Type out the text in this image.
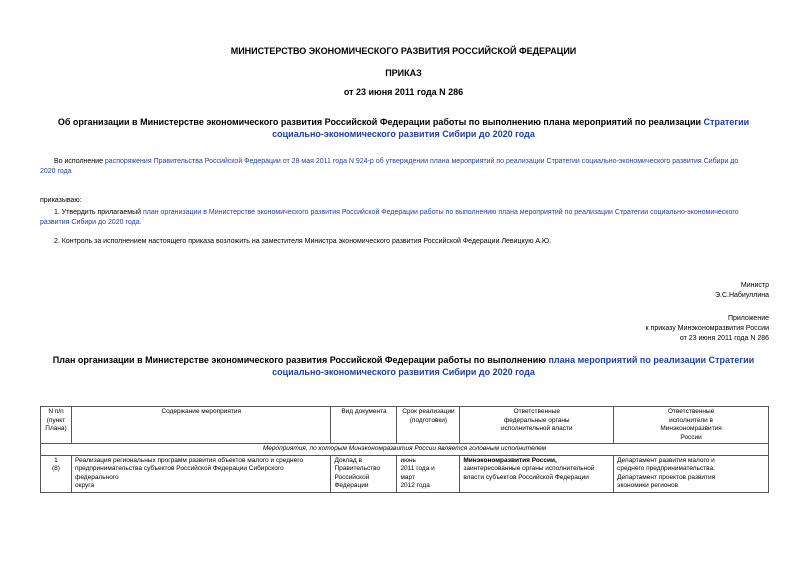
МИНИСТЕРСТВО ЭКОНОМИЧЕСКОГО РАЗВИТИЯ РОССИЙСКОЙ ФЕДЕРАЦИИ
ПРИКАЗ
от 23 июня 2011 года N 286
Об организации в Министерстве экономического развития Российской Федерации работы по выполнению плана мероприятий по реализации Стратегии
социально-экономического развития Сибири до 2020 года
Во исполнение распоряжения Правительства Российской Федерации от 28 мая 2011 года N 924-р об утверждении плана мероприятий по реализации Стратегии социально-экономического развития Сибири до
2020 года
приказываю:
1. Утвердить прилагаемый план организации в Министерстве экономического развития Российской Федерации работы по выполнению плана мероприятий по реализации Стратегии социально-экономического
развития Сибири до 2020 года.
2. Контроль за исполнением настоящего приказа возложить на заместителя Министра экономического развития Российской Федерации Левицкую А.Ю.
Министр
Э.С.Набиуллина
Приложение
к приказу Минэкономразвития России
от 23 июня 2011 года N 286
План организации в Министерстве экономического развития Российской Федерации работы по выполнению плана мероприятий по реализации Стратегии
социально-экономического развития Сибири до 2020 года
N п/п
(пункт
Плана)	Содержание мероприятия	Вид документа	Срок реализации
(подготовки)	Ответственные
федеральные органы
исполнительной власти	Ответственные
исполнители в
Минэкономразвития
России
Мероприятия, по которым Минэкономразвития России является головным исполнителем					
1
(8)	Реализация региональных программ развития объектов малого и среднего
предпринимательства субъектов Российской Федерации Сибирского федерального
округа	Доклад в
Правительство
Российской
Федерации	июнь
2011 года и
март
2012 года	Минэкономразвития России,
заинтересованные органы исполнительной
власти субъектов Российской Федерации	Департамент развития малого и
среднего предпринимательства,
Департамент проектов развития
экономики регионов
